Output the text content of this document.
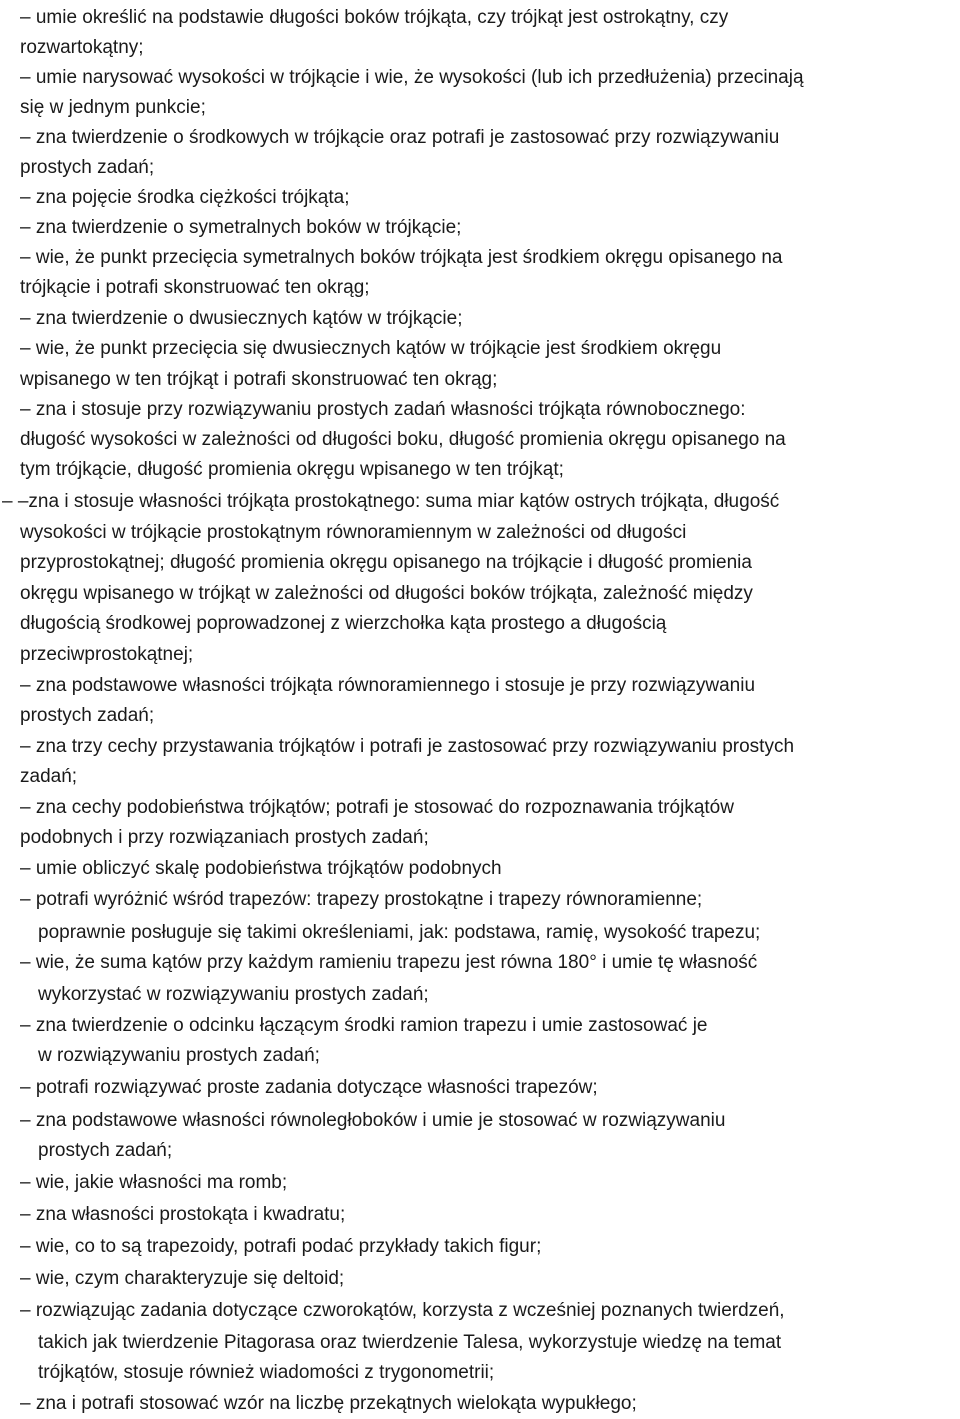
– umie określić na podstawie długości boków trójkąta, czy trójkąt jest ostrokątny, czy
rozwartokątny;
– umie narysować wysokości w trójkącie i wie, że wysokości (lub ich przedłużenia) przecinają
się w jednym punkcie;
– zna twierdzenie o środkowych w trójkącie oraz potrafi je zastosować przy rozwiązywaniu
prostych zadań;
– zna pojęcie środka ciężkości trójkąta;
– zna twierdzenie o symetralnych boków w trójkącie;
– wie, że punkt przecięcia symetralnych boków trójkąta jest środkiem okręgu opisanego na
trójkącie i potrafi skonstruować ten okrąg;
– zna twierdzenie o dwusiecznych kątów w trójkącie;
– wie, że punkt przecięcia się dwusiecznych kątów w trójkącie jest środkiem okręgu
wpisanego w ten trójkąt i potrafi skonstruować ten okrąg;
– zna i stosuje przy rozwiązywaniu prostych zadań własności trójkąta równobocznego:
długość wysokości w zależności od długości boku, długość promienia okręgu opisanego na
tym trójkącie, długość promienia okręgu wpisanego w ten trójkąt;
– –zna i stosuje własności trójkąta prostokątnego: suma miar kątów ostrych trójkąta, długość
wysokości w trójkącie prostokątnym równoramiennym w zależności od długości
przyprostokątnej; długość promienia okręgu opisanego na trójkącie i długość promienia
okręgu wpisanego w trójkąt w zależności od długości boków trójkąta, zależność między
długością środkowej poprowadzonej z wierzchołka kąta prostego a długością
przeciwprostokątnej;
– zna podstawowe własności trójkąta równoramiennego i stosuje je przy rozwiązywaniu
prostych zadań;
– zna trzy cechy przystawania trójkątów i potrafi je zastosować przy rozwiązywaniu prostych
zadań;
– zna cechy podobieństwa trójkątów; potrafi je stosować do rozpoznawania trójkątów
podobnych i przy rozwiązaniach prostych zadań;
– umie obliczyć skalę podobieństwa trójkątów podobnych
– potrafi wyróżnić wśród trapezów: trapezy prostokątne i trapezy równoramienne;
poprawnie posługuje się takimi określeniami, jak: podstawa, ramię, wysokość trapezu;
– wie, że suma kątów przy każdym ramieniu trapezu jest równa 180° i umie tę własność
wykorzystać w rozwiązywaniu prostych zadań;
– zna twierdzenie o odcinku łączącym środki ramion trapezu i umie zastosować je
w rozwiązywaniu prostych zadań;
– potrafi rozwiązywać proste zadania dotyczące własności trapezów;
– zna podstawowe własności równoległoboków i umie je stosować w rozwiązywaniu
prostych zadań;
– wie, jakie własności ma romb;
– zna własności prostokąta i kwadratu;
– wie, co to są trapezoidy, potrafi podać przykłady takich figur;
– wie, czym charakteryzuje się deltoid;
– rozwiązując zadania dotyczące czworokątów, korzysta z wcześniej poznanych twierdzeń,
takich jak twierdzenie Pitagorasa oraz twierdzenie Talesa, wykorzystuje wiedzę na temat
trójkątów, stosuje również wiadomości z trygonometrii;
– zna i potrafi stosować wzór na liczbę przekątnych wielokąta wypukłego;
